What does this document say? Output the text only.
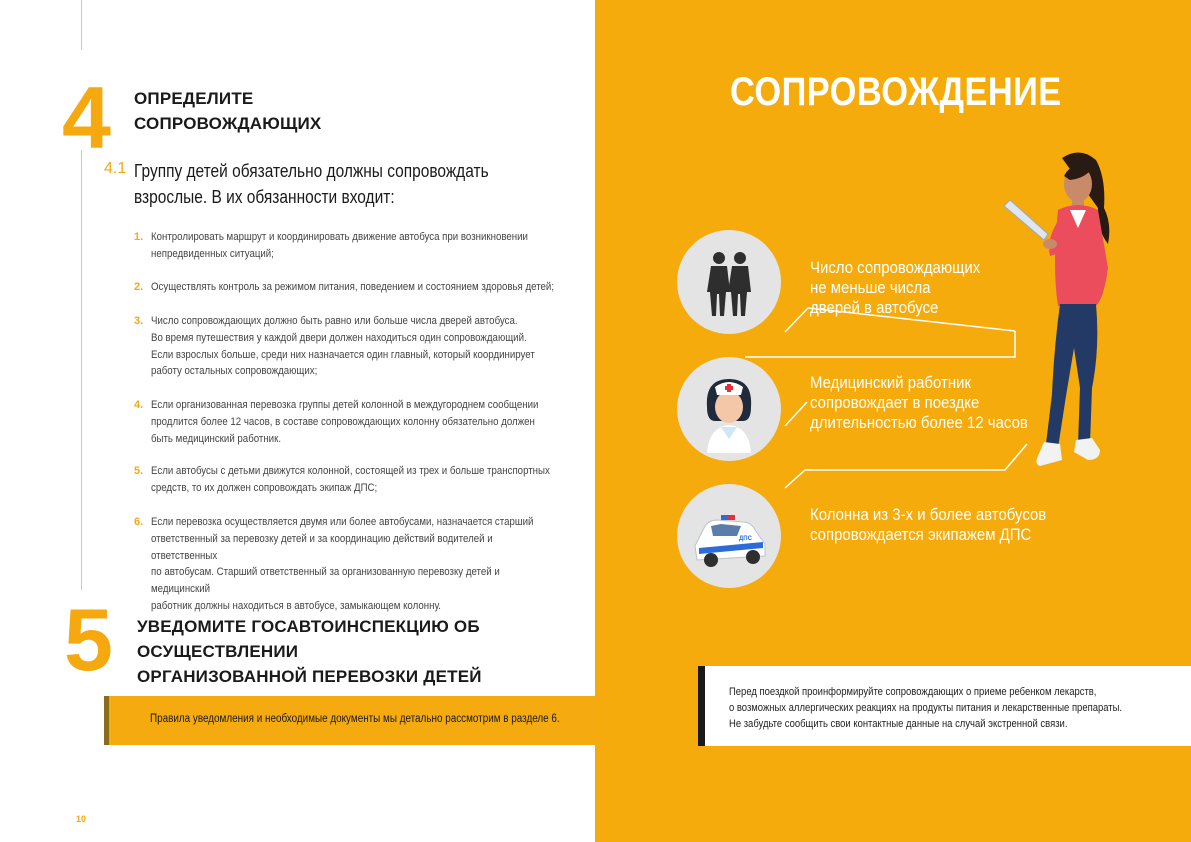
4 ОПРЕДЕЛИТЕ
СОПРОВОЖДАЮЩИХ
4.1 Группу детей обязательно должны сопровождать
взрослые. В их обязанности входит:
1. Контролировать маршрут и координировать движение автобуса при возникновении
непредвиденных ситуаций;
2. Осуществлять контроль за режимом питания, поведением и состоянием здоровья детей;
3. Число сопровождающих должно быть равно или больше числа дверей автобуса.
Во время путешествия у каждой двери должен находиться один сопровождающий.
Если взрослых больше, среди них назначается один главный, который координирует
работу остальных сопровождающих;
4. Если организованная перевозка группы детей колонной в междугороднем сообщении
продлится более 12 часов, в составе сопровождающих колонну обязательно должен
быть медицинский работник.
5. Если автобусы с детьми движутся колонной, состоящей из трех и больше транспортных
средств, то их должен сопровождать экипаж ДПС;
6. Если перевозка осуществляется двумя или более автобусами, назначается старший
ответственный за перевозку детей и за координацию действий водителей и ответственных
по автобусам. Старший ответственный за организованную перевозку детей и медицинский
работник должны находиться в автобусе, замыкающем колонну.
5 УВЕДОМИТЕ ГОСАВТОИНСПЕКЦИЮ ОБ ОСУЩЕСТВЛЕНИИ
ОРГАНИЗОВАННОЙ ПЕРЕВОЗКИ ДЕТЕЙ
Правила уведомления и необходимые документы мы детально рассмотрим в разделе 6.
10
СОПРОВОЖДЕНИЕ
Число сопровождающих
не меньше числа
дверей в автобусе
Медицинский работник
сопровождает в поездке
длительностью более 12 часов
ДПС
Колонна из 3-х и более автобусов
сопровождается экипажем ДПС
Перед поездкой проинформируйте сопровождающих о приеме ребенком лекарств,
о возможных аллергических реакциях на продукты питания и лекарственные препараты.
Не забудьте сообщить свои контактные данные на случай экстренной связи.
